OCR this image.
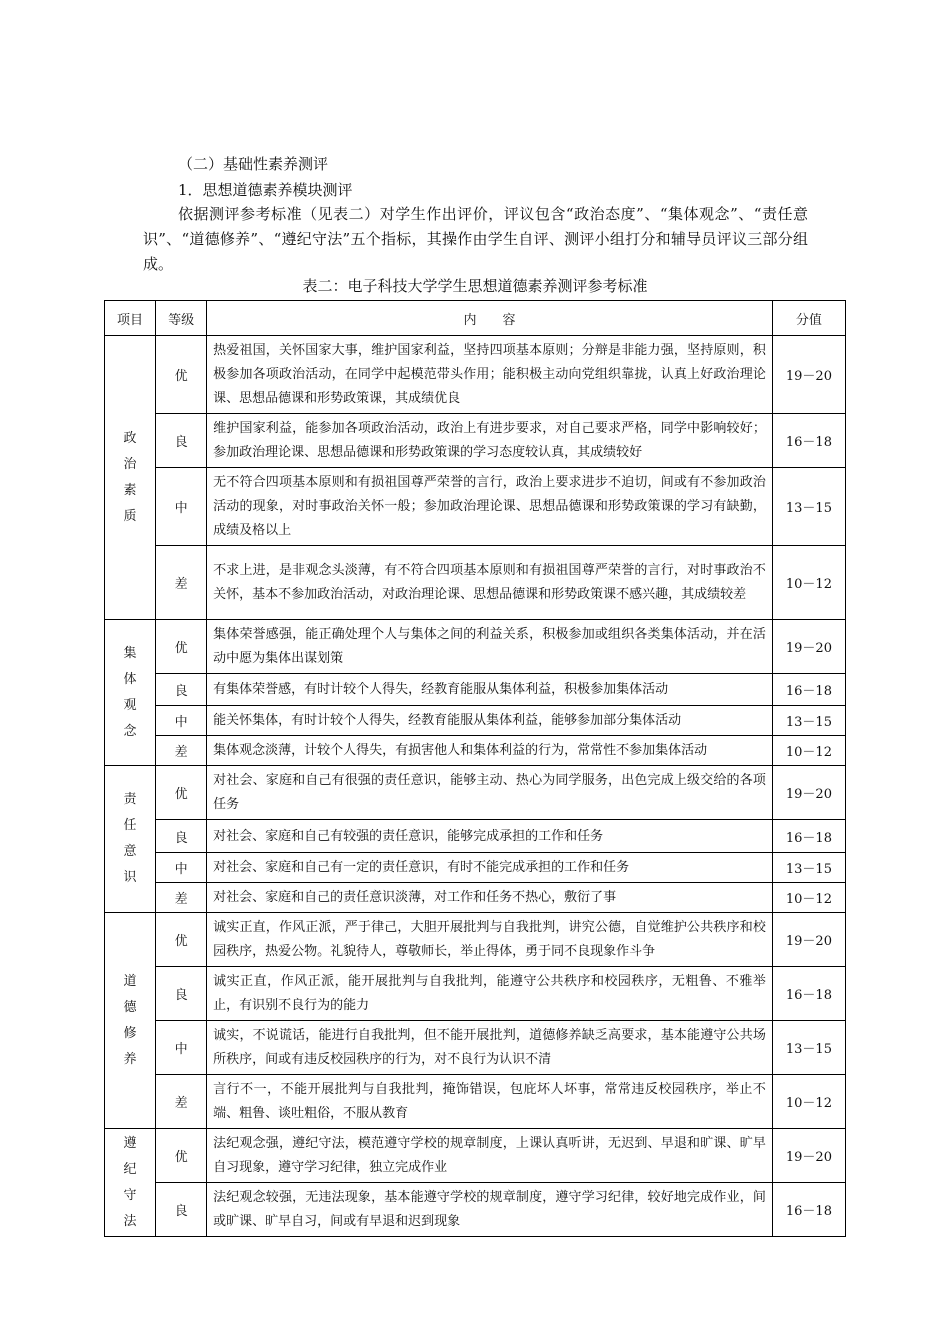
（二）基础性素养测评
1．思想道德素养模块测评
依据测评参考标准（见表二）对学生作出评价，评议包含“政治态度”、“集体观念”、“责任意识”、“道德修养”、“遵纪守法”五个指标，其操作由学生自评、测评小组打分和辅导员评议三部分组成。
表二：电子科技大学学生思想道德素养测评参考标准
项目	等级	内　　容	分值

政
治
素
质	优	热爱祖国，关怀国家大事，维护国家利益，坚持四项基本原则；分辩是非能力强，坚持原则，积极参加各项政治活动，在同学中起模范带头作用；能积极主动向党组织靠拢，认真上好政治理论课、思想品德课和形势政策课，其成绩优良	19－20
	良	维护国家利益，能参加各项政治活动，政治上有进步要求，对自己要求严格，同学中影响较好；参加政治理论课、思想品德课和形势政策课的学习态度较认真，其成绩较好	16－18
	中	无不符合四项基本原则和有损祖国尊严荣誉的言行，政治上要求进步不迫切，间或有不参加政治活动的现象，对时事政治关怀一般；参加政治理论课、思想品德课和形势政策课的学习有缺勤，成绩及格以上	13－15
	差	不求上进，是非观念头淡薄，有不符合四项基本原则和有损祖国尊严荣誉的言行，对时事政治不关怀，基本不参加政治活动，对政治理论课、思想品德课和形势政策课不感兴趣，其成绩较差	10－12

集
体
观
念	优	集体荣誉感强，能正确处理个人与集体之间的利益关系，积极参加或组织各类集体活动，并在活动中愿为集体出谋划策	19－20
	良	有集体荣誉感，有时计较个人得失，经教育能服从集体利益，积极参加集体活动	16－18
	中	能关怀集体，有时计较个人得失，经教育能服从集体利益，能够参加部分集体活动	13－15
	差	集体观念淡薄，计较个人得失，有损害他人和集体利益的行为，常常性不参加集体活动	10－12

责
任
意
识	优	对社会、家庭和自己有很强的责任意识，能够主动、热心为同学服务，出色完成上级交给的各项任务	19－20
	良	对社会、家庭和自己有较强的责任意识，能够完成承担的工作和任务	16－18
	中	对社会、家庭和自己有一定的责任意识，有时不能完成承担的工作和任务	13－15
	差	对社会、家庭和自己的责任意识淡薄，对工作和任务不热心，敷衍了事	10－12

道
德
修
养	优	诚实正直，作风正派，严于律己，大胆开展批判与自我批判，讲究公德，自觉维护公共秩序和校园秩序，热爱公物。礼貌待人，尊敬师长，举止得体，勇于同不良现象作斗争	19－20
	良	诚实正直，作风正派，能开展批判与自我批判，能遵守公共秩序和校园秩序，无粗鲁、不雅举止，有识别不良行为的能力	16－18
	中	诚实，不说谎话，能进行自我批判，但不能开展批判，道德修养缺乏高要求，基本能遵守公共场所秩序，间或有违反校园秩序的行为，对不良行为认识不清	13－15
	差	言行不一，不能开展批判与自我批判，掩饰错误，包庇坏人坏事，常常违反校园秩序，举止不端、粗鲁、谈吐粗俗，不服从教育	10－12

遵
纪
守
法	优	法纪观念强，遵纪守法，模范遵守学校的规章制度，上课认真听讲，无迟到、早退和旷课、旷早自习现象，遵守学习纪律，独立完成作业	19－20
	良	法纪观念较强，无违法现象，基本能遵守学校的规章制度，遵守学习纪律，较好地完成作业，间或旷课、旷早自习，间或有早退和迟到现象	16－18
